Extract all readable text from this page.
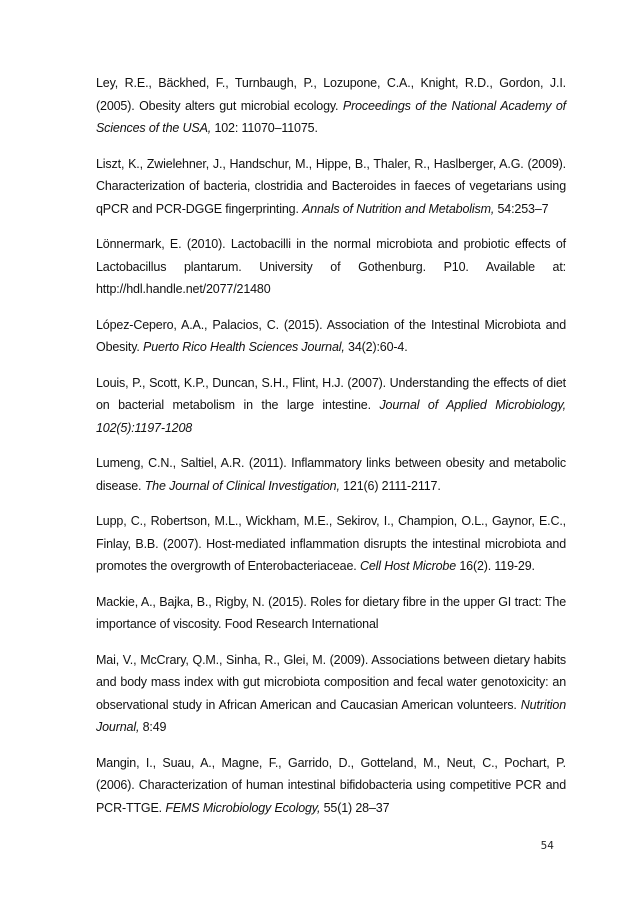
Ley, R.E., Bäckhed, F., Turnbaugh, P., Lozupone, C.A., Knight, R.D., Gordon, J.I. (2005). Obesity alters gut microbial ecology. Proceedings of the National Academy of Sciences of the USA, 102: 11070–11075.

Liszt, K., Zwielehner, J., Handschur, M., Hippe, B., Thaler, R., Haslberger, A.G. (2009). Characterization of bacteria, clostridia and Bacteroides in faeces of vegetarians using qPCR and PCR-DGGE fingerprinting. Annals of Nutrition and Metabolism, 54:253–7

Lönnermark, E. (2010). Lactobacilli in the normal microbiota and probiotic effects of Lactobacillus plantarum. University of Gothenburg. P10. Available at: http://hdl.handle.net/2077/21480

López-Cepero, A.A., Palacios, C. (2015). Association of the Intestinal Microbiota and Obesity. Puerto Rico Health Sciences Journal, 34(2):60-4.

Louis, P., Scott, K.P., Duncan, S.H., Flint, H.J. (2007). Understanding the effects of diet on bacterial metabolism in the large intestine. Journal of Applied Microbiology, 102(5):1197-1208

Lumeng, C.N., Saltiel, A.R. (2011). Inflammatory links between obesity and metabolic disease. The Journal of Clinical Investigation, 121(6) 2111-2117.

Lupp, C., Robertson, M.L., Wickham, M.E., Sekirov, I., Champion, O.L., Gaynor, E.C., Finlay, B.B. (2007). Host-mediated inflammation disrupts the intestinal microbiota and promotes the overgrowth of Enterobacteriaceae. Cell Host Microbe 16(2). 119-29.

Mackie, A., Bajka, B., Rigby, N. (2015). Roles for dietary fibre in the upper GI tract: The importance of viscosity. Food Research International

Mai, V., McCrary, Q.M., Sinha, R., Glei, M. (2009). Associations between dietary habits and body mass index with gut microbiota composition and fecal water genotoxicity: an observational study in African American and Caucasian American volunteers. Nutrition Journal, 8:49

Mangin, I., Suau, A., Magne, F., Garrido, D., Gotteland, M., Neut, C., Pochart, P. (2006). Characterization of human intestinal bifidobacteria using competitive PCR and PCR-TTGE. FEMS Microbiology Ecology, 55(1) 28–37

54
